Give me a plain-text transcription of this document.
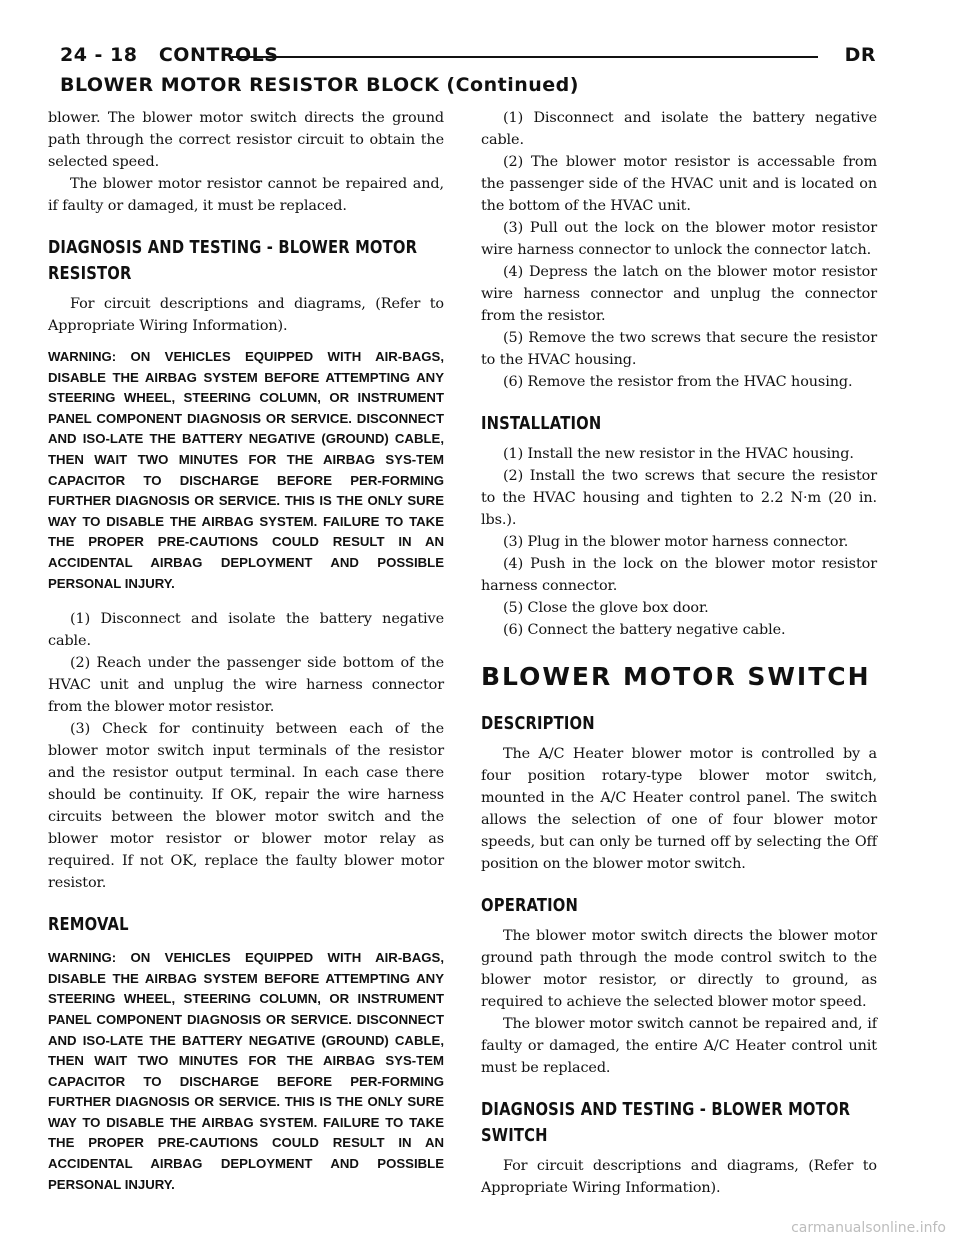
24 - 18 CONTROLS	DR
BLOWER MOTOR RESISTOR BLOCK (Continued)

blower. The blower motor switch directs the ground path through the correct resistor circuit to obtain the selected speed.

The blower motor resistor cannot be repaired and, if faulty or damaged, it must be replaced.

DIAGNOSIS AND TESTING - BLOWER MOTOR RESISTOR

For circuit descriptions and diagrams, (Refer to Appropriate Wiring Information).

WARNING: ON VEHICLES EQUIPPED WITH AIR-BAGS, DISABLE THE AIRBAG SYSTEM BEFORE ATTEMPTING ANY STEERING WHEEL, STEERING COLUMN, OR INSTRUMENT PANEL COMPONENT DIAGNOSIS OR SERVICE. DISCONNECT AND ISO-LATE THE BATTERY NEGATIVE (GROUND) CABLE, THEN WAIT TWO MINUTES FOR THE AIRBAG SYS-TEM CAPACITOR TO DISCHARGE BEFORE PER-FORMING FURTHER DIAGNOSIS OR SERVICE. THIS IS THE ONLY SURE WAY TO DISABLE THE AIRBAG SYSTEM. FAILURE TO TAKE THE PROPER PRE-CAUTIONS COULD RESULT IN AN ACCIDENTAL AIRBAG DEPLOYMENT AND POSSIBLE PERSONAL INJURY.

(1) Disconnect and isolate the battery negative cable.

(2) Reach under the passenger side bottom of the HVAC unit and unplug the wire harness connector from the blower motor resistor.

(3) Check for continuity between each of the blower motor switch input terminals of the resistor and the resistor output terminal. In each case there should be continuity. If OK, repair the wire harness circuits between the blower motor switch and the blower motor resistor or blower motor relay as required. If not OK, replace the faulty blower motor resistor.

REMOVAL

WARNING: ON VEHICLES EQUIPPED WITH AIR-BAGS, DISABLE THE AIRBAG SYSTEM BEFORE ATTEMPTING ANY STEERING WHEEL, STEERING COLUMN, OR INSTRUMENT PANEL COMPONENT DIAGNOSIS OR SERVICE. DISCONNECT AND ISO-LATE THE BATTERY NEGATIVE (GROUND) CABLE, THEN WAIT TWO MINUTES FOR THE AIRBAG SYS-TEM CAPACITOR TO DISCHARGE BEFORE PER-FORMING FURTHER DIAGNOSIS OR SERVICE. THIS IS THE ONLY SURE WAY TO DISABLE THE AIRBAG SYSTEM. FAILURE TO TAKE THE PROPER PRE-CAUTIONS COULD RESULT IN AN ACCIDENTAL AIRBAG DEPLOYMENT AND POSSIBLE PERSONAL INJURY.

(1) Disconnect and isolate the battery negative cable.

(2) The blower motor resistor is accessable from the passenger side of the HVAC unit and is located on the bottom of the HVAC unit.

(3) Pull out the lock on the blower motor resistor wire harness connector to unlock the connector latch.

(4) Depress the latch on the blower motor resistor wire harness connector and unplug the connector from the resistor.

(5) Remove the two screws that secure the resistor to the HVAC housing.

(6) Remove the resistor from the HVAC housing.

INSTALLATION

(1) Install the new resistor in the HVAC housing.

(2) Install the two screws that secure the resistor to the HVAC housing and tighten to 2.2 N·m (20 in. lbs.).

(3) Plug in the blower motor harness connector.

(4) Push in the lock on the blower motor resistor harness connector.

(5) Close the glove box door.

(6) Connect the battery negative cable.

BLOWER MOTOR SWITCH
DESCRIPTION

The A/C Heater blower motor is controlled by a four position rotary-type blower motor switch, mounted in the A/C Heater control panel. The switch allows the selection of one of four blower motor speeds, but can only be turned off by selecting the Off position on the blower motor switch.

OPERATION

The blower motor switch directs the blower motor ground path through the mode control switch to the blower motor resistor, or directly to ground, as required to achieve the selected blower motor speed.

The blower motor switch cannot be repaired and, if faulty or damaged, the entire A/C Heater control unit must be replaced.

DIAGNOSIS AND TESTING - BLOWER MOTOR SWITCH

For circuit descriptions and diagrams, (Refer to Appropriate Wiring Information).

carmanualsonline.info
